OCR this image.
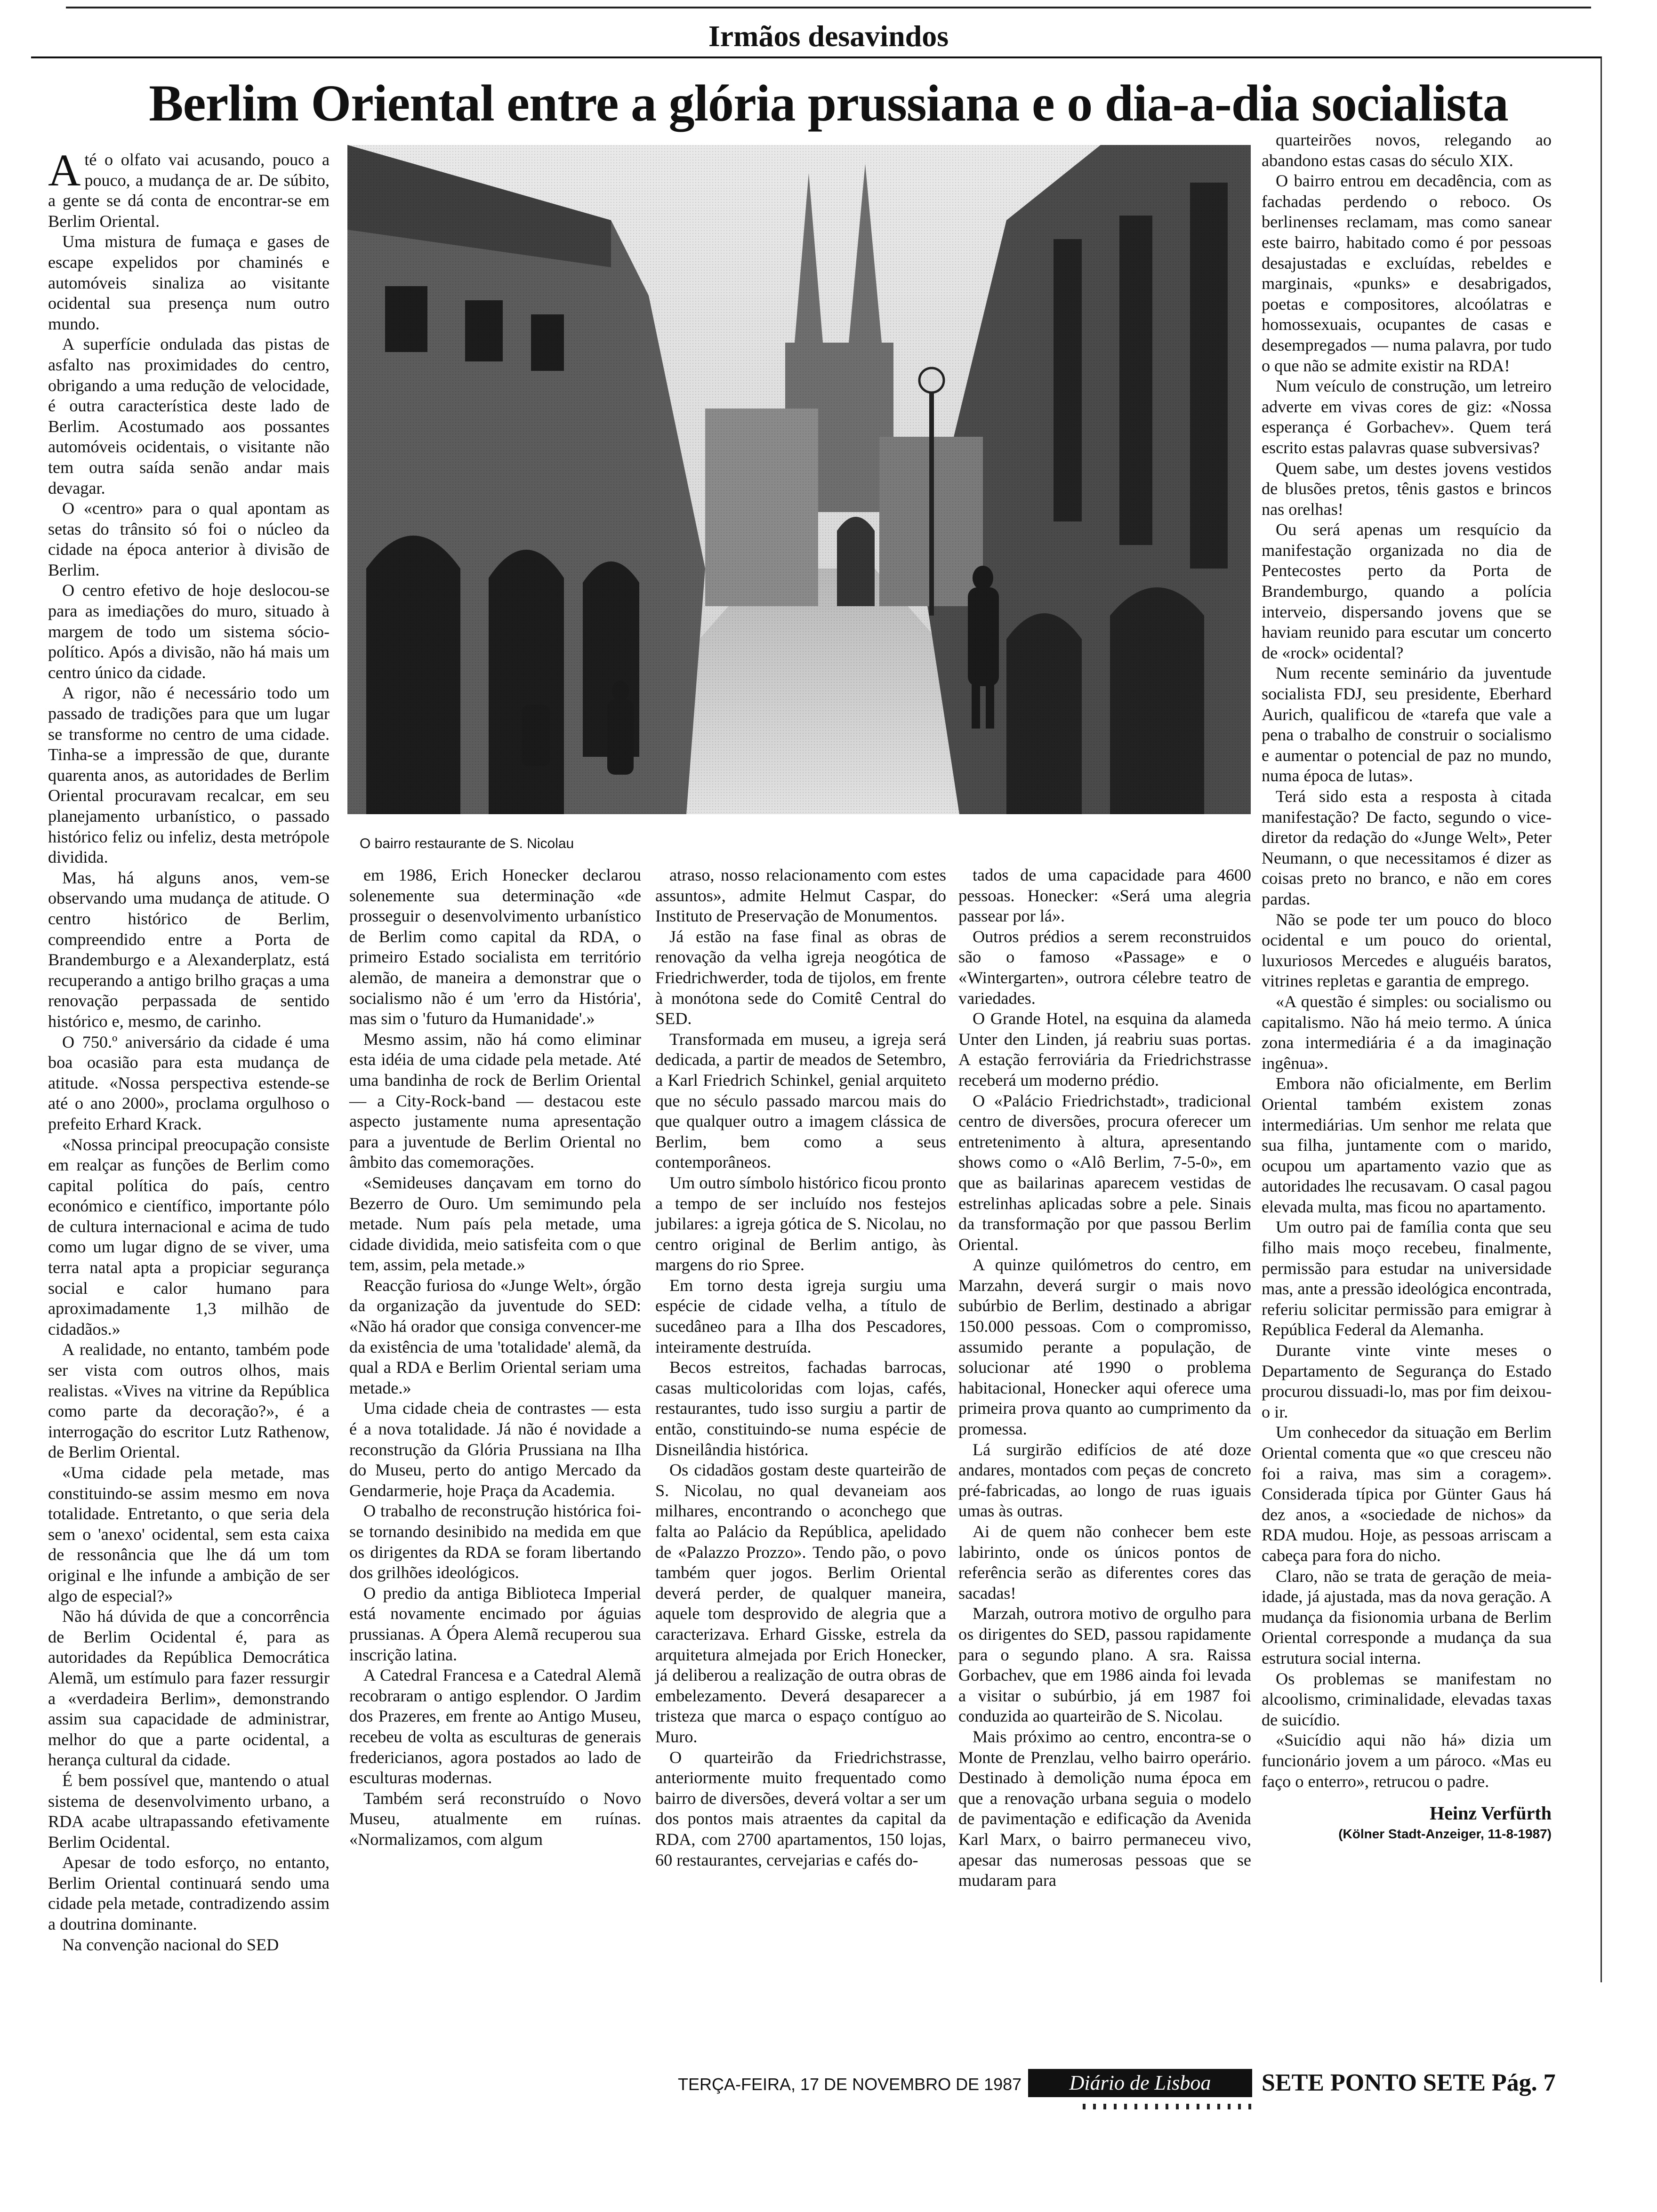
Irmãos desavindos
Berlim Oriental entre a glória prussiana e o dia-a-dia socialista

Até o olfato vai acusando, pouco a pouco, a mudança de ar. De súbito, a gente se dá conta de encontrar-se em Berlim Oriental.

Uma mistura de fumaça e gases de escape expelidos por chaminés e automóveis sinaliza ao visitante ocidental sua presença num outro mundo.

A superfície ondulada das pistas de asfalto nas proximidades do centro, obrigando a uma redução de velocidade, é outra característica deste lado de Berlim. Acostumado aos possantes automóveis ocidentais, o visitante não tem outra saída senão andar mais devagar.

O «centro» para o qual apontam as setas do trânsito só foi o núcleo da cidade na época anterior à divisão de Berlim.

O centro efetivo de hoje deslocou-se para as imediações do muro, situado à margem de todo um sistema sócio-político. Após a divisão, não há mais um centro único da cidade.

A rigor, não é necessário todo um passado de tradições para que um lugar se transforme no centro de uma cidade. Tinha-se a impressão de que, durante quarenta anos, as autoridades de Berlim Oriental procuravam recalcar, em seu planejamento urbanístico, o passado histórico feliz ou infeliz, desta metrópole dividida.

Mas, há alguns anos, vem-se observando uma mudança de atitude. O centro histórico de Berlim, compreendido entre a Porta de Brandemburgo e a Alexanderplatz, está recuperando a antigo brilho graças a uma renovação perpassada de sentido histórico e, mesmo, de carinho.

O 750.º aniversário da cidade é uma boa ocasião para esta mudança de atitude. «Nossa perspectiva estende-se até o ano 2000», proclama orgulhoso o prefeito Erhard Krack.

«Nossa principal preocupação consiste em realçar as funções de Berlim como capital política do país, centro económico e científico, importante pólo de cultura internacional e acima de tudo como um lugar digno de se viver, uma terra natal apta a propiciar segurança social e calor humano para aproximadamente 1,3 milhão de cidadãos.»

A realidade, no entanto, também pode ser vista com outros olhos, mais realistas. «Vives na vitrine da República como parte da decoração?», é a interrogação do escritor Lutz Rathenow, de Berlim Oriental.

«Uma cidade pela metade, mas constituindo-se assim mesmo em nova totalidade. Entretanto, o que seria dela sem o 'anexo' ocidental, sem esta caixa de ressonância que lhe dá um tom original e lhe infunde a ambição de ser algo de especial?»

Não há dúvida de que a concorrência de Berlim Ocidental é, para as autoridades da República Democrática Alemã, um estímulo para fazer ressurgir a «verdadeira Berlim», demonstrando assim sua capacidade de administrar, melhor do que a parte ocidental, a herança cultural da cidade.

É bem possível que, mantendo o atual sistema de desenvolvimento urbano, a RDA acabe ultrapassando efetivamente Berlim Ocidental.

Apesar de todo esforço, no entanto, Berlim Oriental continuará sendo uma cidade pela metade, contradizendo assim a doutrina dominante.

Na convenção nacional do SED

O bairro restaurante de S. Nicolau

em 1986, Erich Honecker declarou solenemente sua determinação «de prosseguir o desenvolvimento urbanístico de Berlim como capital da RDA, o primeiro Estado socialista em território alemão, de maneira a demonstrar que o socialismo não é um 'erro da História', mas sim o 'futuro da Humanidade'.»

Mesmo assim, não há como eliminar esta idéia de uma cidade pela metade. Até uma bandinha de rock de Berlim Oriental — a City-Rock-band — destacou este aspecto justamente numa apresentação para a juventude de Berlim Oriental no âmbito das comemorações.

«Semideuses dançavam em torno do Bezerro de Ouro. Um semimundo pela metade. Num país pela metade, uma cidade dividida, meio satisfeita com o que tem, assim, pela metade.»

Reacção furiosa do «Junge Welt», órgão da organização da juventude do SED: «Não há orador que consiga convencer-me da existência de uma 'totalidade' alemã, da qual a RDA e Berlim Oriental seriam uma metade.»

Uma cidade cheia de contrastes — esta é a nova totalidade. Já não é novidade a reconstrução da Glória Prussiana na Ilha do Museu, perto do antigo Mercado da Gendarmerie, hoje Praça da Academia.

O trabalho de reconstrução histórica foi-se tornando desinibido na medida em que os dirigentes da RDA se foram libertando dos grilhões ideológicos.

O predio da antiga Biblioteca Imperial está novamente encimado por águias prussianas. A Ópera Alemã recuperou sua inscrição latina.

A Catedral Francesa e a Catedral Alemã recobraram o antigo esplendor. O Jardim dos Prazeres, em frente ao Antigo Museu, recebeu de volta as esculturas de generais fredericianos, agora postados ao lado de esculturas modernas.

Também será reconstruído o Novo Museu, atualmente em ruínas. «Normalizamos, com algum

atraso, nosso relacionamento com estes assuntos», admite Helmut Caspar, do Instituto de Preservação de Monumentos.

Já estão na fase final as obras de renovação da velha igreja neogótica de Friedrichwerder, toda de tijolos, em frente à monótona sede do Comitê Central do SED.

Transformada em museu, a igreja será dedicada, a partir de meados de Setembro, a Karl Friedrich Schinkel, genial arquiteto que no século passado marcou mais do que qualquer outro a imagem clássica de Berlim, bem como a seus contemporâneos.

Um outro símbolo histórico ficou pronto a tempo de ser incluído nos festejos jubilares: a igreja gótica de S. Nicolau, no centro original de Berlim antigo, às margens do rio Spree.

Em torno desta igreja surgiu uma espécie de cidade velha, a título de sucedâneo para a Ilha dos Pescadores, inteiramente destruída.

Becos estreitos, fachadas barrocas, casas multicoloridas com lojas, cafés, restaurantes, tudo isso surgiu a partir de então, constituindo-se numa espécie de Disneilândia histórica.

Os cidadãos gostam deste quarteirão de S. Nicolau, no qual devaneiam aos milhares, encontrando o aconchego que falta ao Palácio da República, apelidado de «Palazzo Prozzo». Tendo pão, o povo também quer jogos. Berlim Oriental deverá perder, de qualquer maneira, aquele tom desprovido de alegria que a caracterizava. Erhard Gisske, estrela da arquitetura almejada por Erich Honecker, já deliberou a realização de outra obras de embelezamento. Deverá desaparecer a tristeza que marca o espaço contíguo ao Muro.

O quarteirão da Friedrichstrasse, anteriormente muito frequentado como bairro de diversões, deverá voltar a ser um dos pontos mais atraentes da capital da RDA, com 2700 apartamentos, 150 lojas, 60 restaurantes, cervejarias e cafés do-

tados de uma capacidade para 4600 pessoas. Honecker: «Será uma alegria passear por lá».

Outros prédios a serem reconstruidos são o famoso «Passage» e o «Wintergarten», outrora célebre teatro de variedades.

O Grande Hotel, na esquina da alameda Unter den Linden, já reabriu suas portas. A estação ferroviária da Friedrichstrasse receberá um moderno prédio.

O «Palácio Friedrichstadt», tradicional centro de diversões, procura oferecer um entretenimento à altura, apresentando shows como o «Alô Berlim, 7-5-0», em que as bailarinas aparecem vestidas de estrelinhas aplicadas sobre a pele. Sinais da transformação por que passou Berlim Oriental.

A quinze quilómetros do centro, em Marzahn, deverá surgir o mais novo subúrbio de Berlim, destinado a abrigar 150.000 pessoas. Com o compromisso, assumido perante a população, de solucionar até 1990 o problema habitacional, Honecker aqui oferece uma primeira prova quanto ao cumprimento da promessa.

Lá surgirão edifícios de até doze andares, montados com peças de concreto pré-fabricadas, ao longo de ruas iguais umas às outras.

Ai de quem não conhecer bem este labirinto, onde os únicos pontos de referência serão as diferentes cores das sacadas!

Marzah, outrora motivo de orgulho para os dirigentes do SED, passou rapidamente para o segundo plano. A sra. Raissa Gorbachev, que em 1986 ainda foi levada a visitar o subúrbio, já em 1987 foi conduzida ao quarteirão de S. Nicolau.

Mais próximo ao centro, encontra-se o Monte de Prenzlau, velho bairro operário. Destinado à demolição numa época em que a renovação urbana seguia o modelo de pavimentação e edificação da Avenida Karl Marx, o bairro permaneceu vivo, apesar das numerosas pessoas que se mudaram para

quarteirões novos, relegando ao abandono estas casas do século XIX.

O bairro entrou em decadência, com as fachadas perdendo o reboco. Os berlinenses reclamam, mas como sanear este bairro, habitado como é por pessoas desajustadas e excluídas, rebeldes e marginais, «punks» e desabrigados, poetas e compositores, alcoólatras e homossexuais, ocupantes de casas e desempregados — numa palavra, por tudo o que não se admite existir na RDA!

Num veículo de construção, um letreiro adverte em vivas cores de giz: «Nossa esperança é Gorbachev». Quem terá escrito estas palavras quase subversivas?

Quem sabe, um destes jovens vestidos de blusões pretos, tênis gastos e brincos nas orelhas!

Ou será apenas um resquício da manifestação organizada no dia de Pentecostes perto da Porta de Brandemburgo, quando a polícia interveio, dispersando jovens que se haviam reunido para escutar um concerto de «rock» ocidental?

Num recente seminário da juventude socialista FDJ, seu presidente, Eberhard Aurich, qualificou de «tarefa que vale a pena o trabalho de construir o socialismo e aumentar o potencial de paz no mundo, numa época de lutas».

Terá sido esta a resposta à citada manifestação? De facto, segundo o vice-diretor da redação do «Junge Welt», Peter Neumann, o que necessitamos é dizer as coisas preto no branco, e não em cores pardas.

Não se pode ter um pouco do bloco ocidental e um pouco do oriental, luxuriosos Mercedes e aluguéis baratos, vitrines repletas e garantia de emprego.

«A questão é simples: ou socialismo ou capitalismo. Não há meio termo. A única zona intermediária é a da imaginação ingênua».

Embora não oficialmente, em Berlim Oriental também existem zonas intermediárias. Um senhor me relata que sua filha, juntamente com o marido, ocupou um apartamento vazio que as autoridades lhe recusavam. O casal pagou elevada multa, mas ficou no apartamento.

Um outro pai de família conta que seu filho mais moço recebeu, finalmente, permissão para estudar na universidade mas, ante a pressão ideológica encontrada, referiu solicitar permissão para emigrar à República Federal da Alemanha.

Durante vinte vinte meses o Departamento de Segurança do Estado procurou dissuadi-lo, mas por fim deixou-o ir.

Um conhecedor da situação em Berlim Oriental comenta que «o que cresceu não foi a raiva, mas sim a coragem». Considerada típica por Günter Gaus há dez anos, a «sociedade de nichos» da RDA mudou. Hoje, as pessoas arriscam a cabeça para fora do nicho.

Claro, não se trata de geração de meia-idade, já ajustada, mas da nova geração. A mudança da fisionomia urbana de Berlim Oriental corresponde a mudança da sua estrutura social interna.

Os problemas se manifestam no alcoolismo, criminalidade, elevadas taxas de suicídio.

«Suicídio aqui não há» dizia um funcionário jovem a um pároco. «Mas eu faço o enterro», retrucou o padre.

Heinz Verfürth
(Kölner Stadt-Anzeiger, 11-8-1987)
TERÇA-FEIRA, 17 DE NOVEMBRO DE 1987	Diário de Lisboa	SETE PONTO SETE Pág. 7
